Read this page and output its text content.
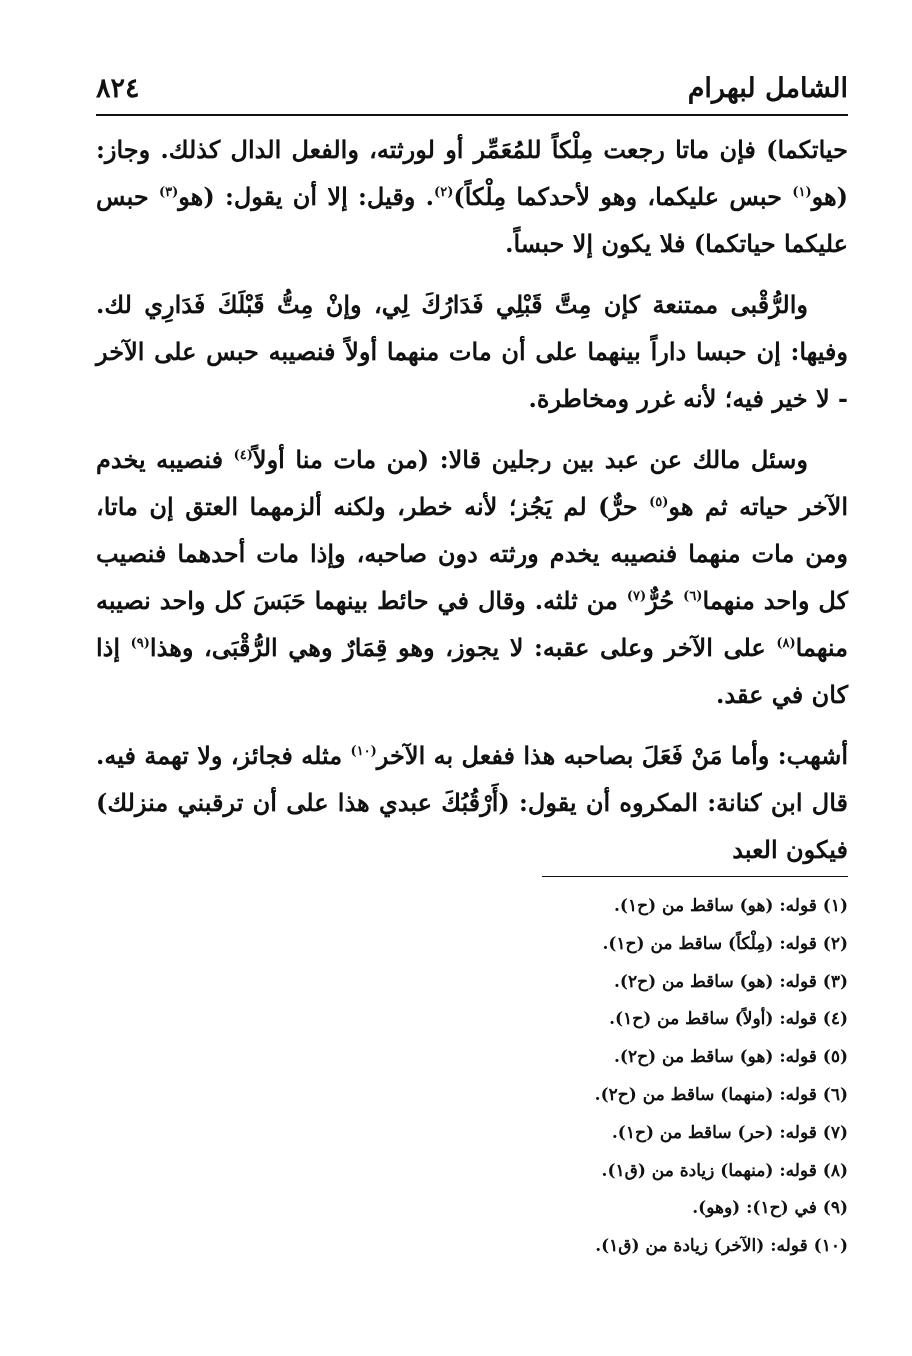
الشامل لبهرام
٨٢٤

حياتكما) فإن ماتا رجعت مِلْكاً للمُعَمِّر أو لورثته، والفعل الدال كذلك. وجاز: (هو$^{(١)}$ حبس عليكما، وهو لأحدكما مِلْكاً)$^{(٢)}$. وقيل: إلا أن يقول: (هو$^{(٣)}$ حبس عليكما حياتكما) فلا يكون إلا حبساً.

والرُّقْبى ممتنعة كإن مِتَّ قَبْلِي فَدَارُكَ لِي، وإنْ مِتُّ قَبْلَكَ فَدَارِي لك. وفيها: إن حبسا داراً بينهما على أن مات منهما أولاً فنصيبه حبس على الآخر - لا خير فيه؛ لأنه غرر ومخاطرة.

وسئل مالك عن عبد بين رجلين قالا: (من مات منا أولاً$^{(٤)}$ فنصيبه يخدم الآخر حياته ثم هو$^{(٥)}$ حرٌّ) لم يَجُز؛ لأنه خطر، ولكنه ألزمهما العتق إن ماتا، ومن مات منهما فنصيبه يخدم ورثته دون صاحبه، وإذا مات أحدهما فنصيب كل واحد منهما$^{(٦)}$ حُرٌّ$^{(٧)}$ من ثلثه. وقال في حائط بينهما حَبَسَ كل واحد نصيبه منهما$^{(٨)}$ على الآخر وعلى عقبه: لا يجوز، وهو قِمَارٌ وهي الرُّقْبَى، وهذا$^{(٩)}$ إذا كان في عقد.

أشهب: وأما مَنْ فَعَلَ بصاحبه هذا ففعل به الآخر$^{(١٠)}$ مثله فجائز، ولا تهمة فيه. قال ابن كنانة: المكروه أن يقول: (أَرْقُبُكَ عبدي هذا على أن ترقبني منزلك) فيكون العبد

(١) قوله: (هو) ساقط من (ح١).
(٢) قوله: (مِلْكاً) ساقط من (ح١).
(٣) قوله: (هو) ساقط من (ح٢).
(٤) قوله: (أولاً) ساقط من (ح١).
(٥) قوله: (هو) ساقط من (ح٢).
(٦) قوله: (منهما) ساقط من (ح٢).
(٧) قوله: (حر) ساقط من (ح١).
(٨) قوله: (منهما) زيادة من (ق١).
(٩) في (ح١): (وهو).
(١٠) قوله: (الآخر) زيادة من (ق١).
